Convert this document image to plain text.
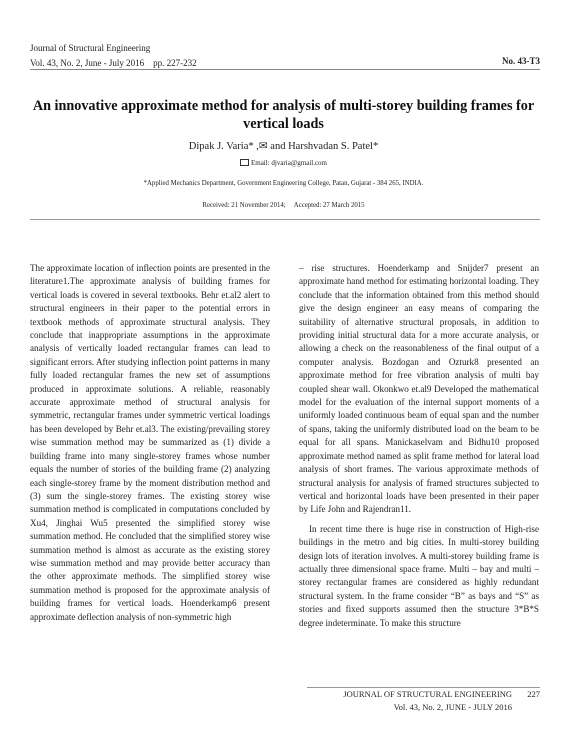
Journal of Structural Engineering
Vol. 43, No. 2, June - July 2016    pp. 227-232	No. 43-T3
An innovative approximate method for analysis of multi-storey building frames for vertical loads
Dipak J. Varia* ,✉ and Harshvadan S. Patel*
Email: djvaria@gmail.com
*Applied Mechanics Department, Government Engineering College, Patan, Gujarat - 384 265, INDIA.
Received: 21 November 2014;     Accepted: 27 March 2015

The approximate location of inflection points are presented in the literature1.The approximate analysis of building frames for vertical loads is covered in several textbooks. Behr et.al2 alert to structural engineers in their paper to the potential errors in textbook methods of approximate structural analysis. They conclude that inappropriate assumptions in the approximate analysis of vertically loaded rectangular frames can lead to significant errors. After studying inflection point patterns in many fully loaded rectangular frames the new set of assumptions produced in approximate solutions. A reliable, reasonably accurate approximate method of structural analysis for symmetric, rectangular frames under symmetric vertical loadings has been developed by Behr et.al3. The existing/prevailing storey wise summation method may be summarized as (1) divide a building frame into many single-storey frames whose number equals the number of stories of the building frame (2) analyzing each single-storey frame by the moment distribution method and (3) sum the single-storey frames. The existing storey wise summation method is complicated in computations concluded by Xu4, Jinghai Wu5 presented the simplified storey wise summation method. He concluded that the simplified storey wise summation method is almost as accurate as the existing storey wise summation method and may provide better accuracy than the other approximate methods. The simplified storey wise summation method is proposed for the approximate analysis of building frames for vertical loads. Hoenderkamp6 present approximate deflection analysis of non-symmetric high

– rise structures. Hoenderkamp and Snijder7 present an approximate hand method for estimating horizontal loading. They conclude that the information obtained from this method should give the design engineer an easy means of comparing the suitability of alternative structural proposals, in addition to providing initial structural data for a more accurate analysis, or allowing a check on the reasonableness of the final output of a computer analysis. Bozdogan and Ozturk8 presented an approximate method for free vibration analysis of multi bay coupled shear wall. Okonkwo et.al9 Developed the mathematical model for the evaluation of the internal support moments of a uniformly loaded continuous beam of equal span and the number of spans, taking the uniformly distributed load on the beam to be equal for all spans. Manickaselvam and Bidhu10 proposed approximate method named as split frame method for lateral load analysis of short frames. The various approximate methods of structural analysis for analysis of framed structures subjected to vertical and horizontal loads have been presented in their paper by Life John and Rajendran11.

In recent time there is huge rise in construction of High-rise buildings in the metro and big cities. In multi-storey building design lots of iteration involves. A multi-storey building frame is actually three dimensional space frame. Multi – bay and multi – storey rectangular frames are considered as highly redundant structural system. In the frame consider “B” as bays and “S” as stories and fixed supports assumed then the structure 3*B*S degree indeterminate. To make this structure

JOURNAL OF STRUCTURAL ENGINEERING 227
Vol. 43, No. 2, JUNE - JULY 2016
